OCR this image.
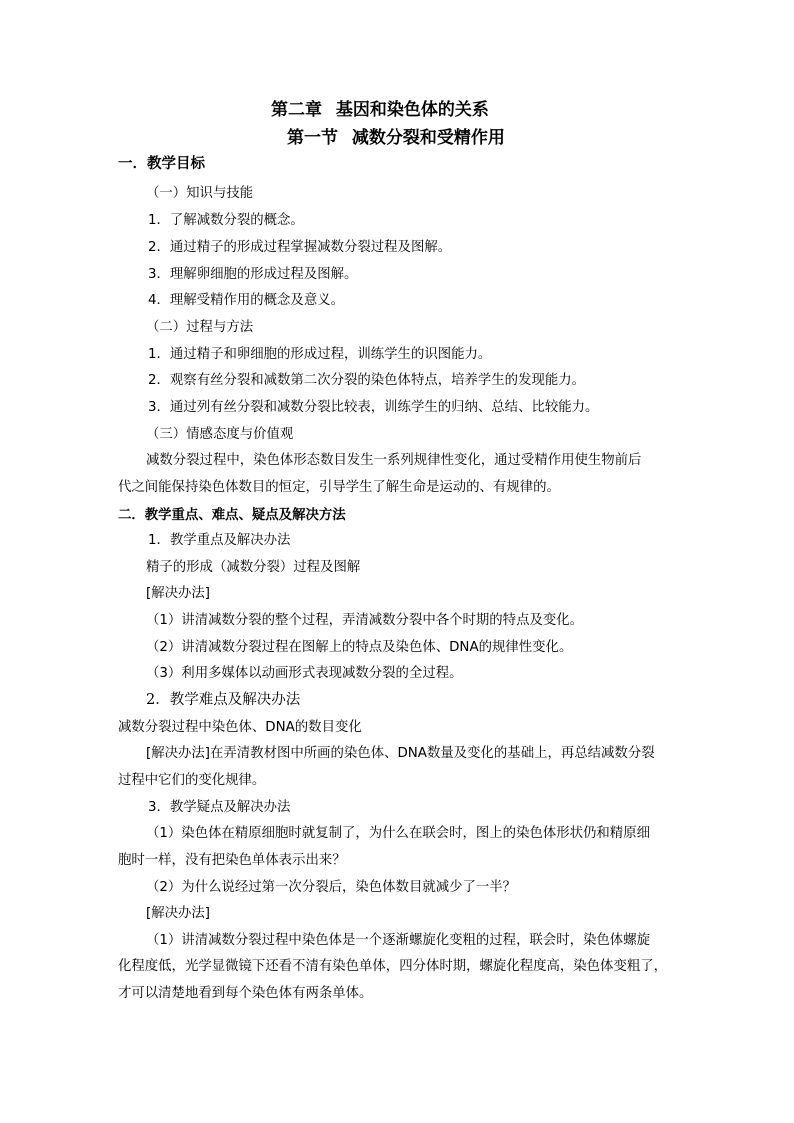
第二章 基因和染色体的关系
第一节 减数分裂和受精作用
一．教学目标
（一）知识与技能
1．了解减数分裂的概念。
2．通过精子的形成过程掌握减数分裂过程及图解。
3．理解卵细胞的形成过程及图解。
4．理解受精作用的概念及意义。
（二）过程与方法
1．通过精子和卵细胞的形成过程，训练学生的识图能力。
2．观察有丝分裂和减数第二次分裂的染色体特点，培养学生的发现能力。
3．通过列有丝分裂和减数分裂比较表，训练学生的归纳、总结、比较能力。
（三）情感态度与价值观
减数分裂过程中，染色体形态数目发生一系列规律性变化，通过受精作用使生物前后
代之间能保持染色体数目的恒定，引导学生了解生命是运动的、有规律的。
二．教学重点、难点、疑点及解决方法
1．教学重点及解决办法
精子的形成（减数分裂）过程及图解
[解决办法]
（1）讲清减数分裂的整个过程，弄清减数分裂中各个时期的特点及变化。
（2）讲清减数分裂过程在图解上的特点及染色体、DNA的规律性变化。
（3）利用多媒体以动画形式表现减数分裂的全过程。
2．教学难点及解决办法
减数分裂过程中染色体、DNA的数目变化
[解决办法]在弄清教材图中所画的染色体、DNA数量及变化的基础上，再总结减数分裂
过程中它们的变化规律。
3．教学疑点及解决办法
（1）染色体在精原细胞时就复制了，为什么在联会时，图上的染色体形状仍和精原细
胞时一样，没有把染色单体表示出来？
（2）为什么说经过第一次分裂后，染色体数目就减少了一半？
[解决办法]
（1）讲清减数分裂过程中染色体是一个逐渐螺旋化变粗的过程，联会时，染色体螺旋
化程度低，光学显微镜下还看不清有染色单体，四分体时期，螺旋化程度高，染色体变粗了，
才可以清楚地看到每个染色体有两条单体。
